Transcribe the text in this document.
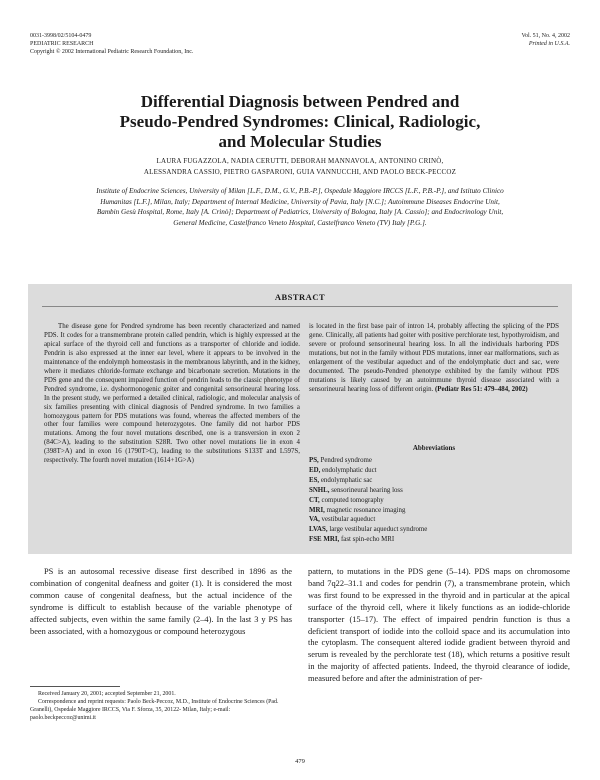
0031-3998/02/5104-0479
PEDIATRIC RESEARCH
Copyright © 2002 International Pediatric Research Foundation, Inc.
Vol. 51, No. 4, 2002
Printed in U.S.A.
Differential Diagnosis between Pendred and
Pseudo-Pendred Syndromes: Clinical, Radiologic,
and Molecular Studies
LAURA FUGAZZOLA, NADIA CERUTTI, DEBORAH MANNAVOLA, ANTONINO CRINÒ,
ALESSANDRA CASSIO, PIETRO GASPARONI, GUIA VANNUCCHI, AND PAOLO BECK-PECCOZ
Institute of Endocrine Sciences, University of Milan [L.F., D.M., G.V., P.B.-P.], Ospedale Maggiore IRCCS [L.F., P.B.-P.], and Istituto Clinico Humanitas [L.F.], Milan, Italy; Department of Internal Medicine, University of Pavia, Italy [N.C.]; Autoimmune Diseases Endocrine Unit, Bambin Gesù Hospital, Rome, Italy [A. Crinò]; Department of Pediatrics, University of Bologna, Italy [A. Cassio]; and Endocrinology Unit, General Medicine, Castelfranco Veneto Hospital, Castelfranco Veneto (TV) Italy [P.G.].
ABSTRACT

The disease gene for Pendred syndrome has been recently characterized and named PDS. It codes for a transmembrane protein called pendrin, which is highly expressed at the apical surface of the thyroid cell and functions as a transporter of chloride and iodide. Pendrin is also expressed at the inner ear level, where it appears to be involved in the maintenance of the endolymph homeostasis in the membranous labyrinth, and in the kidney, where it mediates chloride-formate exchange and bicarbonate secretion. Mutations in the PDS gene and the consequent impaired function of pendrin leads to the classic phenotype of Pendred syndrome, i.e. dyshormonogenic goiter and congenital sensorineural hearing loss. In the present study, we performed a detailed clinical, radiologic, and molecular analysis of six families presenting with clinical diagnosis of Pendred syndrome. In two families a homozygous pattern for PDS mutations was found, whereas the affected members of the other four families were compound heterozygotes. One family did not harbor PDS mutations. Among the four novel mutations described, one is a transversion in exon 2 (84C>A), leading to the substitution S28R. Two other novel mutations lie in exon 4 (398T>A) and in exon 16 (1790T>C), leading to the substitutions S133T and L597S, respectively. The fourth novel mutation (1614+1G>A)

is located in the first base pair of intron 14, probably affecting the splicing of the PDS gene. Clinically, all patients had goiter with positive perchlorate test, hypothyroidism, and severe or profound sensorineural hearing loss. In all the individuals harboring PDS mutations, but not in the family without PDS mutations, inner ear malformations, such as enlargement of the vestibular aqueduct and of the endolymphatic duct and sac, were documented. The pseudo-Pendred phenotype exhibited by the family without PDS mutations is likely caused by an autoimmune thyroid disease associated with a sensorineural hearing loss of different origin. (Pediatr Res 51: 479–484, 2002)

Abbreviations
PS, Pendred syndrome
ED, endolymphatic duct
ES, endolymphatic sac
SNHL, sensorineural hearing loss
CT, computed tomography
MRI, magnetic resonance imaging
VA, vestibular aqueduct
LVAS, large vestibular aqueduct syndrome
FSE MRI, fast spin-echo MRI

PS is an autosomal recessive disease first described in 1896 as the combination of congenital deafness and goiter (1). It is considered the most common cause of congenital deafness, but the actual incidence of the syndrome is difficult to establish because of the variable phenotype of affected subjects, even within the same family (2–4). In the last 3 y PS has been associated, with a homozygous or compound heterozygous

pattern, to mutations in the PDS gene (5–14). PDS maps on chromosome band 7q22–31.1 and codes for pendrin (7), a transmembrane protein, which was first found to be expressed in the thyroid and in particular at the apical surface of the thyroid cell, where it likely functions as an iodide-chloride transporter (15–17). The effect of impaired pendrin function is thus a deficient transport of iodide into the colloid space and its accumulation into the cytoplasm. The consequent altered iodide gradient between thyroid and serum is revealed by the perchlorate test (18), which returns a positive result in the majority of affected patients. Indeed, the thyroid clearance of iodide, measured before and after the administration of per-

Received January 20, 2001; accepted September 21, 2001.

Correspondence and reprint requests: Paolo Beck-Peccoz, M.D., Institute of Endocrine Sciences (Pad. Granelli), Ospedale Maggiore IRCCS, Via F. Sforza, 35, 20122- Milan, Italy; e-mail: paolo.beckpeccoz@unimi.it

479
